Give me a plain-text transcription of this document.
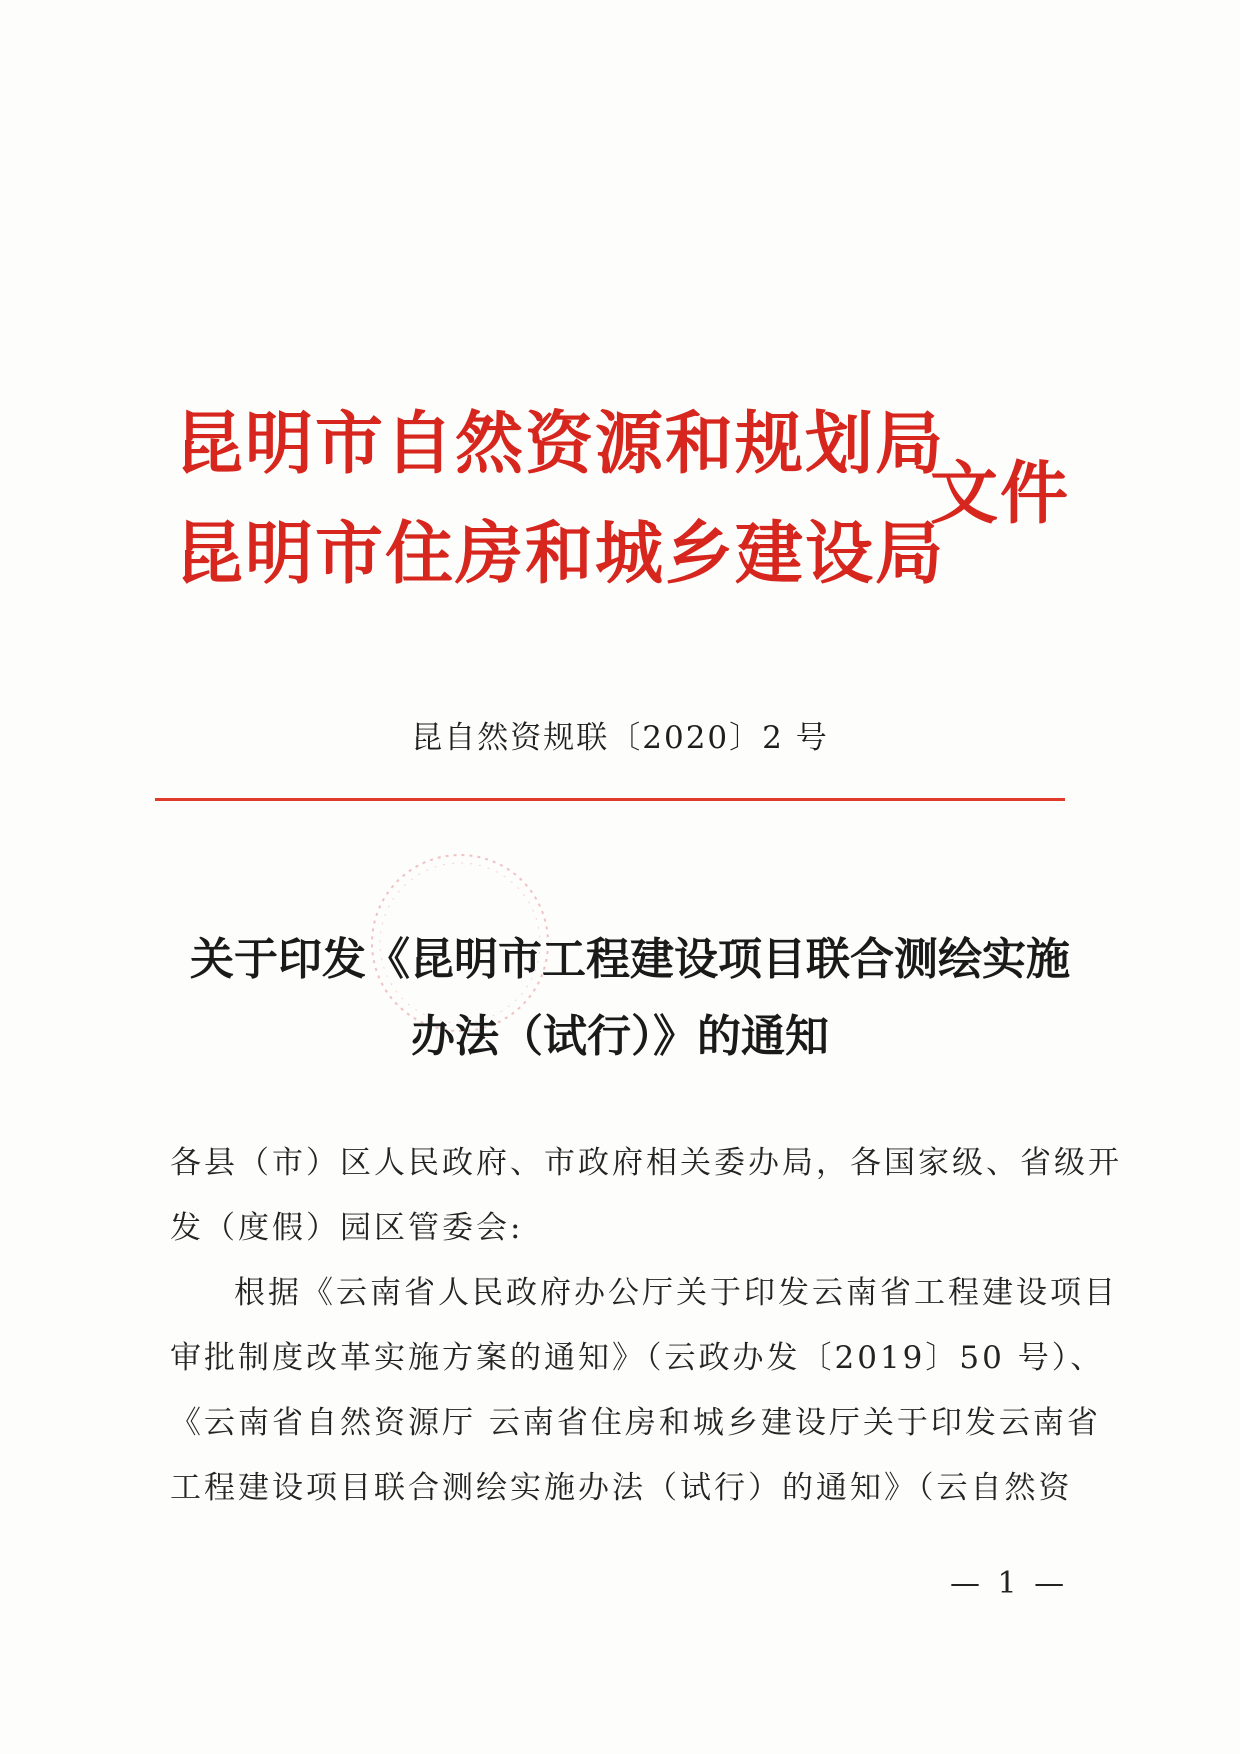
昆明市自然资源和规划局
昆明市住房和城乡建设局
文件
昆自然资规联〔2020〕2 号
关于印发《昆明市工程建设项目联合测绘实施
办法（试行）》的通知
各县（市）区人民政府、市政府相关委办局，各国家级、省级开
发（度假）园区管委会:
　根据《云南省人民政府办公厅关于印发云南省工程建设项目
审批制度改革实施方案的通知》（云政办发〔2019〕50 号）、
《云南省自然资源厅 云南省住房和城乡建设厅关于印发云南省
工程建设项目联合测绘实施办法（试行）的通知》（云自然资
— 1 —
